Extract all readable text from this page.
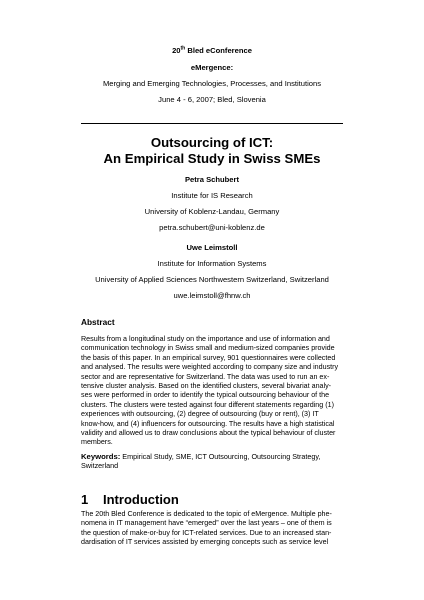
20th Bled eConference
eMergence:
Merging and Emerging Technologies, Processes, and Institutions
June 4 - 6, 2007; Bled, Slovenia
Outsourcing of ICT:
An Empirical Study in Swiss SMEs
Petra Schubert
Institute for IS Research
University of Koblenz-Landau, Germany
petra.schubert@uni-koblenz.de
Uwe Leimstoll
Institute for Information Systems
University of Applied Sciences Northwestern Switzerland, Switzerland
uwe.leimstoll@fhnw.ch
Abstract
Results from a longitudinal study on the importance and use of information and
communication technology in Swiss small and medium-sized companies provide
the basis of this paper. In an empirical survey, 901 questionnaires were collected
and analysed. The results were weighted according to company size and industry
sector and are representative for Switzerland. The data was used to run an ex-
tensive cluster analysis. Based on the identified clusters, several bivariat analy-
ses were performed in order to identify the typical outsourcing behaviour of the
clusters. The clusters were tested against four different statements regarding (1)
experiences with outsourcing, (2) degree of outsourcing (buy or rent), (3) IT
know-how, and (4) influencers for outsourcing. The results have a high statistical
validity and allowed us to draw conclusions about the typical behaviour of cluster
members.
Keywords: Empirical Study, SME, ICT Outsourcing, Outsourcing Strategy,
Switzerland
1 Introduction
The 20th Bled Conference is dedicated to the topic of eMergence. Multiple phe-
nomena in IT management have “emerged” over the last years – one of them is
the question of make-or-buy for ICT-related services. Due to an increased stan-
dardisation of IT services assisted by emerging concepts such as service level
